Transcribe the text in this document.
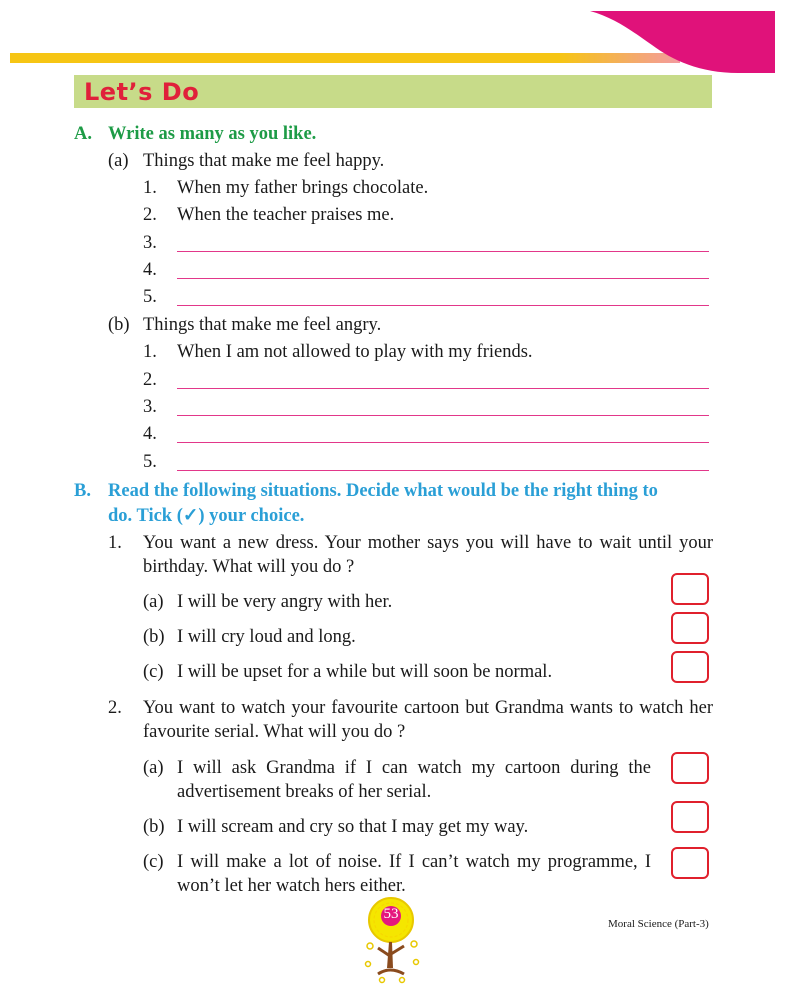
Let’s Do
A. Write as many as you like.
(a) Things that make me feel happy.
1. When my father brings chocolate.
2. When the teacher praises me.
3.
4.
5.
(b) Things that make me feel angry.
1. When I am not allowed to play with my friends.
2.
3.
4.
5.
B. Read the following situations. Decide what would be the right thing to
do. Tick (✓) your choice.
1. You want a new dress. Your mother says you will have to wait until your birthday. What will you do ?
(a) I will be very angry with her.
(b) I will cry loud and long.
(c) I will be upset for a while but will soon be normal.
2. You want to watch your favourite cartoon but Grandma wants to watch her favourite serial. What will you do ?
(a) I will ask Grandma if I can watch my cartoon during the advertisement breaks of her serial.
(b) I will scream and cry so that I may get my way.
(c) I will make a lot of noise. If I can’t watch my programme, I won’t let her watch hers either.
53
Moral Science (Part-3)
